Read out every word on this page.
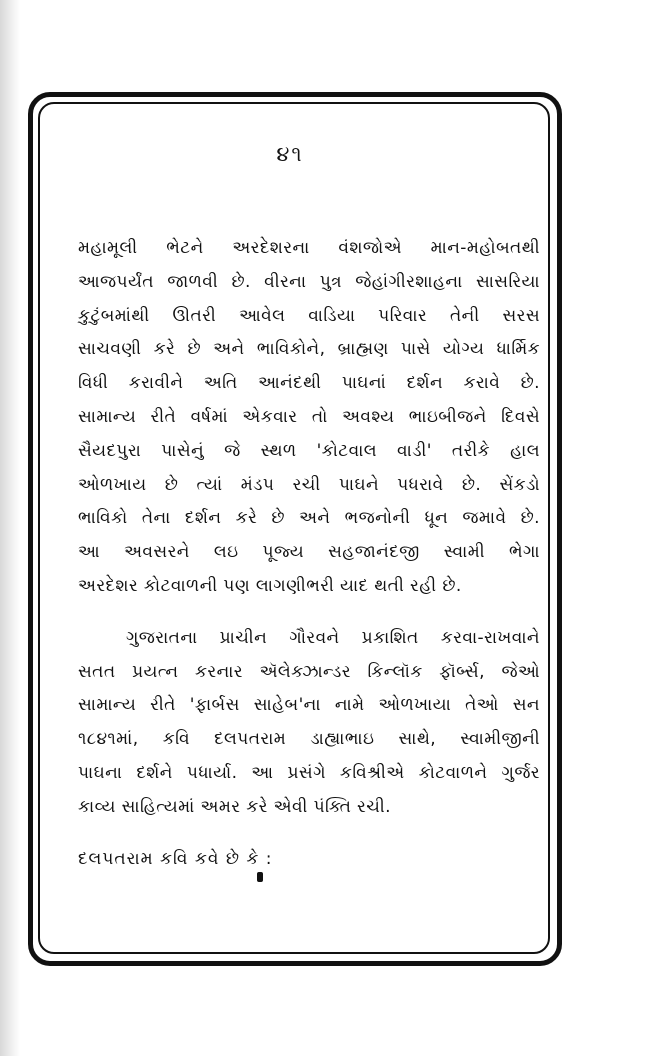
૪૧
મહામૂલી ભેટને અરદેશરના વંશજોએ માન-મહોબતથી
આજપર્યંત જાળવી છે. વીરના પુત્ર જેહાંગીરશાહના સાસરિયા
કુટુંબમાંથી ઊતરી આવેલ વાડિયા પરિવાર તેની સરસ
સાચવણી કરે છે અને ભાવિકોને, બ્રાહ્મણ પાસે યોગ્ય ધાર્મિક
વિધી કરાવીને અતિ આનંદથી પાઘનાં દર્શન કરાવે છે.
સામાન્ય રીતે વર્ષમાં એકવાર તો અવશ્ય ભાઇબીજને દિવસે
સૈયદપુરા પાસેનું જે સ્થળ 'કોટવાલ વાડી' તરીકે હાલ
ઓળખાય છે ત્યાં મંડપ રચી પાઘને પધરાવે છે. સેંકડો
ભાવિકો તેના દર્શન કરે છે અને ભજનોની ધૂન જમાવે છે.
આ અવસરને લઇ પૂજ્ય સહજાનંદજી સ્વામી ભેગા
અરદેશર કોટવાળની પણ લાગણીભરી યાદ થતી રહી છે.
ગુજરાતના પ્રાચીન ગૌરવને પ્રકાશિત કરવા-રાખવાને
સતત પ્રયત્ન કરનાર ઍલેક્ઝાન્ડર કિન્લૉક ફૉર્બ્સ, જેઓ
સામાન્ય રીતે 'ફાર્બસ સાહેબ'ના નામે ઓળખાયા તેઓ સન
૧૮૪૧માં, કવિ દલપતરામ ડાહ્યાભાઇ સાથે, સ્વામીજીની
પાઘના દર્શને પધાર્યા. આ પ્રસંગે કવિશ્રીએ કોટવાળને ગુર્જર
કાવ્ય સાહિત્યમાં અમર કરે એવી પંક્તિ રચી.
દલપતરામ કવિ કવે છે કે :
